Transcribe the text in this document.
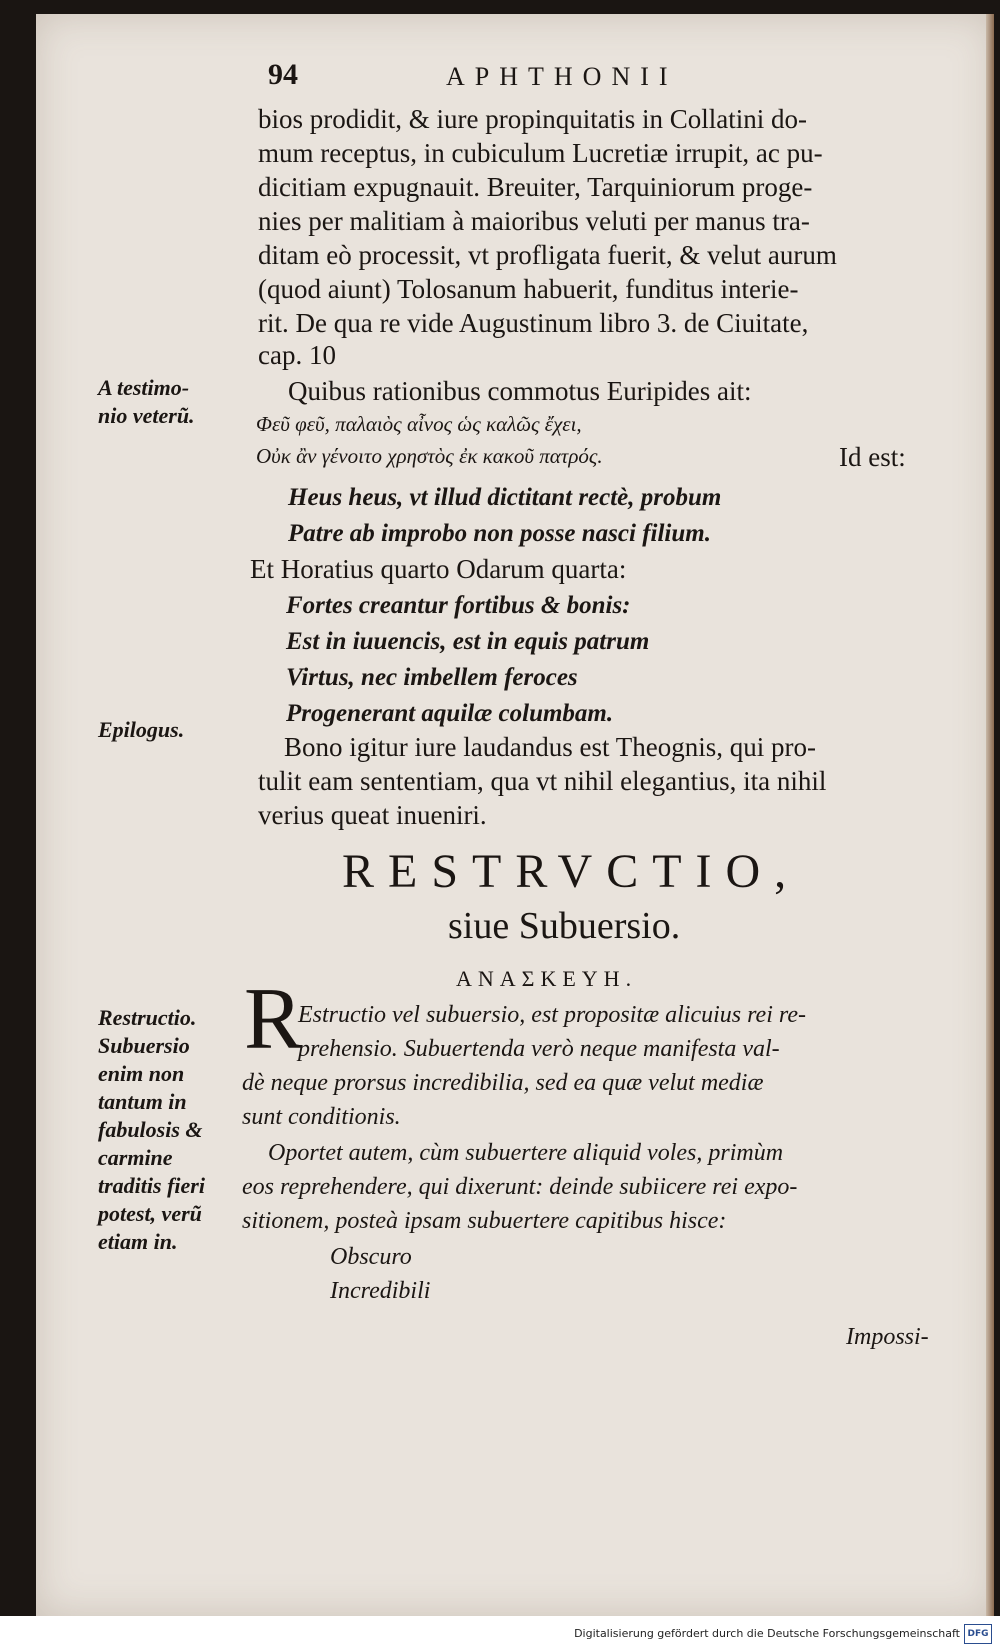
94	APHTHONII
bios prodidit, & iure propinquitatis in Collatini do-
mum receptus, in cubiculum Lucretiæ irrupit, ac pu-
dicitiam expugnauit. Breuiter, Tarquiniorum proge-
nies per malitiam à maioribus veluti per manus tra-
ditam eò processit, vt profligata fuerit, & velut aurum
(quod aiunt) Tolosanum habuerit, funditus interie-
rit. De qua re vide Augustinum libro 3. de Ciuitate,
cap. 10
Quibus rationibus commotus Euripides ait:
A testimo-
nio veterũ.	Φεῦ φεῦ, παλαιὸς αἶνος ὡς καλῶς ἔχει,
Οὐκ ἂν γένοιτο χρηστὸς ἐκ κακοῦ πατρός.	Id est:
Heus heus, vt illud dictitant rectè, probum
Patre ab improbo non posse nasci filium.
Et Horatius quarto Odarum quarta:
Fortes creantur fortibus & bonis:
Est in iuuencis, est in equis patrum
Virtus, nec imbellem feroces
Progenerant aquilæ columbam.
Epilogus.
Bono igitur iure laudandus est Theognis, qui pro-
tulit eam sententiam, qua vt nihil elegantius, ita nihil
verius queat inueniri.
RESTRVCTIO,
siue Subuersio.
ΑΝΑΣΚΕΥΗ.
Restructio.
Subuersio
enim non
tantum in
fabulosis &
carmine
traditis fieri
potest, verũ
etiam in.
R
Estructio vel subuersio, est propositæ alicuius rei re-
prehensio. Subuertenda verò neque manifesta val-
dè neque prorsus incredibilia, sed ea quæ velut mediæ
sunt conditionis.
Oportet autem, cùm subuertere aliquid voles, primùm
eos reprehendere, qui dixerunt: deinde subiicere rei expo-
sitionem, posteà ipsam subuertere capitibus hisce:
Obscuro
Incredibili
Impossi-
Digitalisierung gefördert durch die Deutsche Forschungsgemeinschaft DFG
